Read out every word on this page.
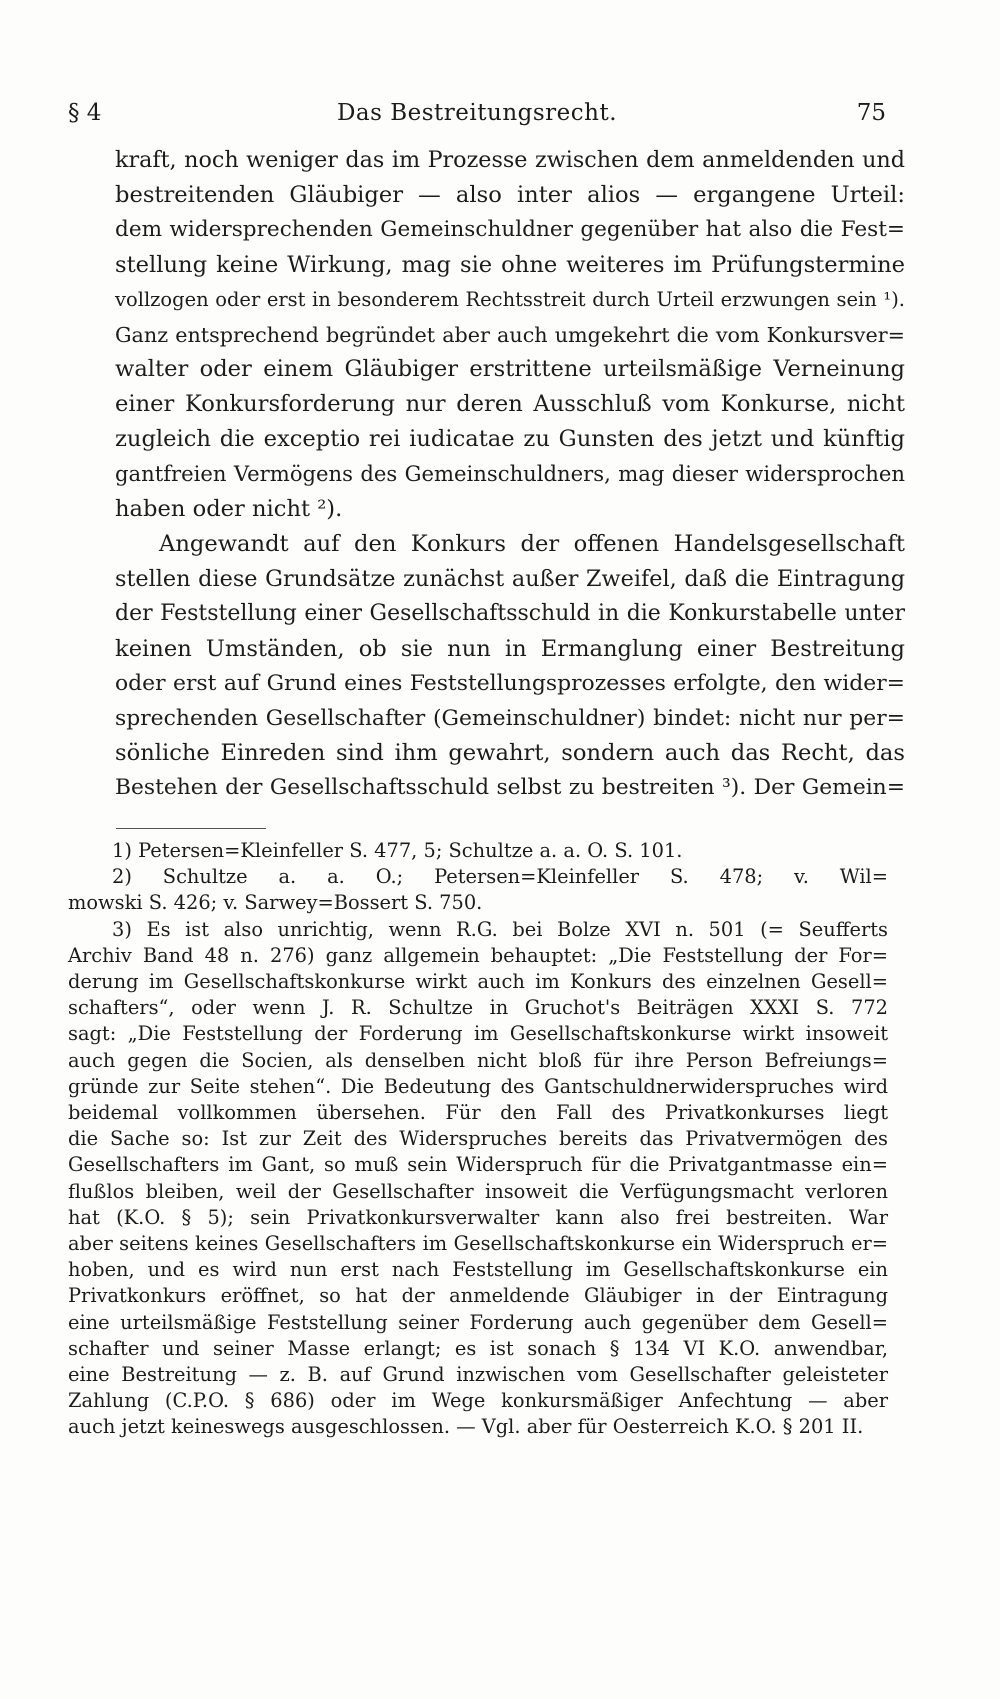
§ 4	Das Bestreitungsrecht.	75
kraft, noch weniger das im Prozesse zwischen dem anmeldenden und
bestreitenden Gläubiger — also inter alios — ergangene Urteil:
dem widersprechenden Gemeinschuldner gegenüber hat also die Fest=
stellung keine Wirkung, mag sie ohne weiteres im Prüfungstermine
vollzogen oder erst in besonderem Rechtsstreit durch Urteil erzwungen sein ¹).
Ganz entsprechend begründet aber auch umgekehrt die vom Konkursver=
walter oder einem Gläubiger erstrittene urteilsmäßige Verneinung
einer Konkursforderung nur deren Ausschluß vom Konkurse, nicht
zugleich die exceptio rei iudicatae zu Gunsten des jetzt und künftig
gantfreien Vermögens des Gemeinschuldners, mag dieser widersprochen
haben oder nicht ²).
Angewandt auf den Konkurs der offenen Handelsgesellschaft
stellen diese Grundsätze zunächst außer Zweifel, daß die Eintragung
der Feststellung einer Gesellschaftsschuld in die Konkurstabelle unter
keinen Umständen, ob sie nun in Ermanglung einer Bestreitung
oder erst auf Grund eines Feststellungsprozesses erfolgte, den wider=
sprechenden Gesellschafter (Gemeinschuldner) bindet: nicht nur per=
sönliche Einreden sind ihm gewahrt, sondern auch das Recht, das
Bestehen der Gesellschaftsschuld selbst zu bestreiten ³). Der Gemein=
1) Petersen=Kleinfeller S. 477, 5; Schultze a. a. O. S. 101.
2) Schultze a. a. O.; Petersen=Kleinfeller S. 478; v. Wil=
mowski S. 426; v. Sarwey=Bossert S. 750.
3) Es ist also unrichtig, wenn R.G. bei Bolze XVI n. 501 (= Seufferts
Archiv Band 48 n. 276) ganz allgemein behauptet: „Die Feststellung der For=
derung im Gesellschaftskonkurse wirkt auch im Konkurs des einzelnen Gesell=
schafters“, oder wenn J. R. Schultze in Gruchot's Beiträgen XXXI S. 772
sagt: „Die Feststellung der Forderung im Gesellschaftskonkurse wirkt insoweit
auch gegen die Socien, als denselben nicht bloß für ihre Person Befreiungs=
gründe zur Seite stehen“. Die Bedeutung des Gantschuldnerwiderspruches wird
beidemal vollkommen übersehen. Für den Fall des Privatkonkurses liegt
die Sache so: Ist zur Zeit des Widerspruches bereits das Privatvermögen des
Gesellschafters im Gant, so muß sein Widerspruch für die Privatgantmasse ein=
flußlos bleiben, weil der Gesellschafter insoweit die Verfügungsmacht verloren
hat (K.O. § 5); sein Privatkonkursverwalter kann also frei bestreiten. War
aber seitens keines Gesellschafters im Gesellschaftskonkurse ein Widerspruch er=
hoben, und es wird nun erst nach Feststellung im Gesellschaftskonkurse ein
Privatkonkurs eröffnet, so hat der anmeldende Gläubiger in der Eintragung
eine urteilsmäßige Feststellung seiner Forderung auch gegenüber dem Gesell=
schafter und seiner Masse erlangt; es ist sonach § 134 VI K.O. anwendbar,
eine Bestreitung — z. B. auf Grund inzwischen vom Gesellschafter geleisteter
Zahlung (C.P.O. § 686) oder im Wege konkursmäßiger Anfechtung — aber
auch jetzt keineswegs ausgeschlossen. — Vgl. aber für Oesterreich K.O. § 201 II.
